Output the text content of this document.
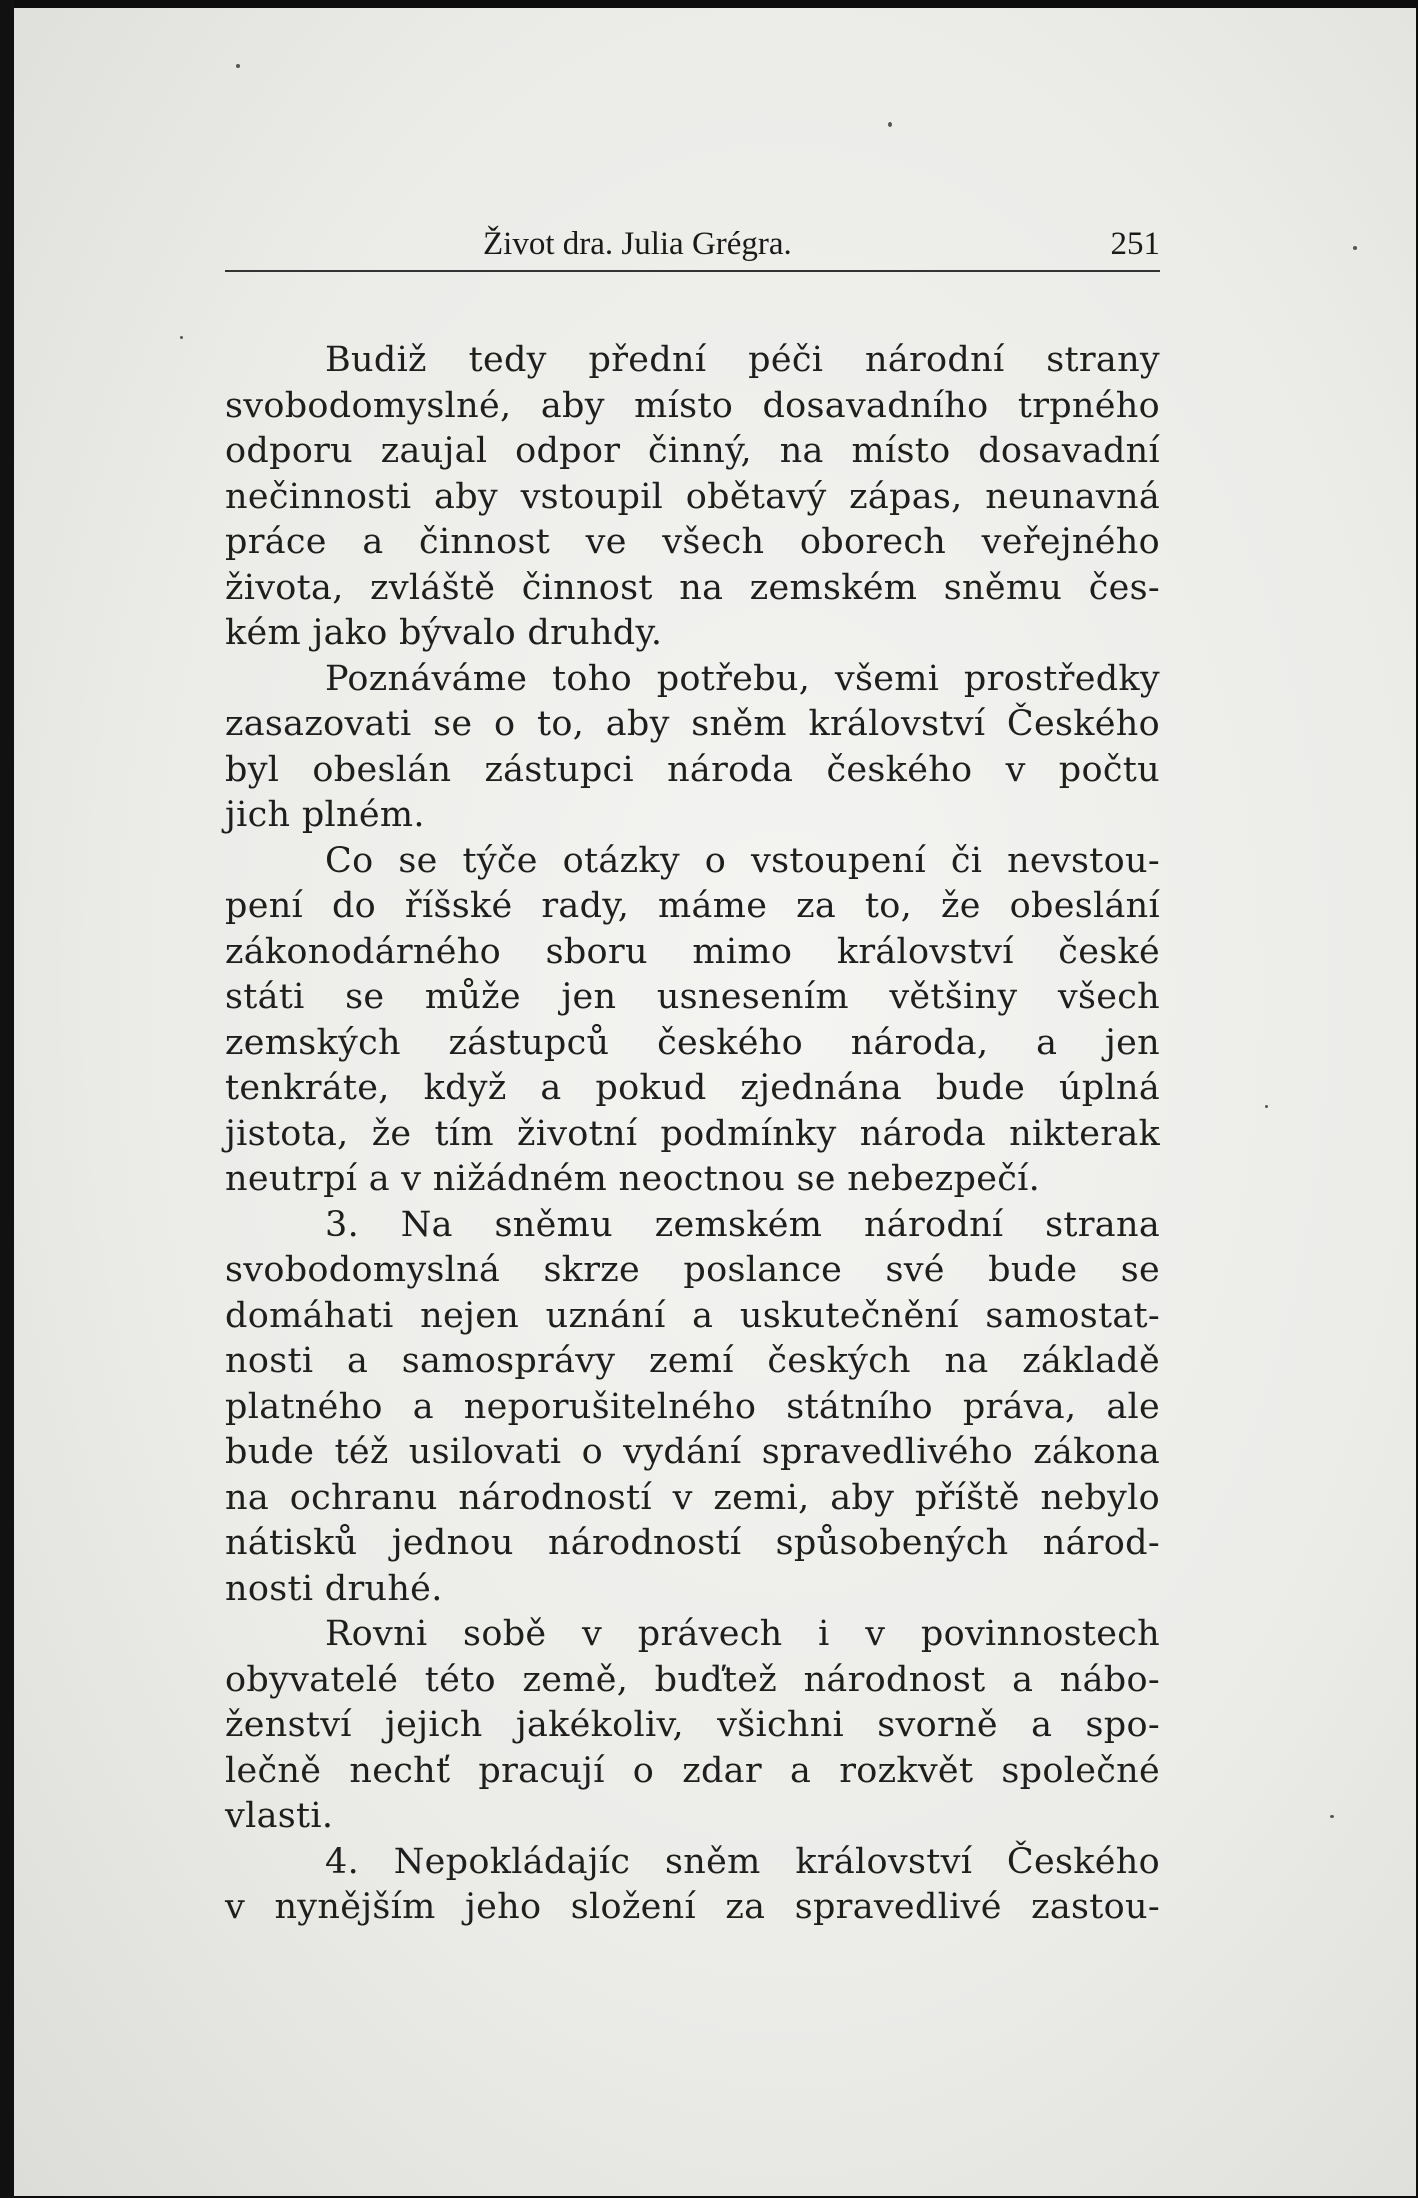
Život dra. Julia Grégra.	251
Budiž tedy přední péči národní strany
svobodomyslné, aby místo dosavadního trpného
odporu zaujal odpor činný, na místo dosavadní
nečinnosti aby vstoupil obětavý zápas, neunavná
práce a činnost ve všech oborech veřejného
života, zvláště činnost na zemském sněmu čes-
kém jako bývalo druhdy.
Poznáváme toho potřebu, všemi prostředky
zasazovati se o to, aby sněm království Českého
byl obeslán zástupci národa českého v počtu
jich plném.
Co se týče otázky o vstoupení či nevstou-
pení do říšské rady, máme za to, že obeslání
zákonodárného sboru mimo království české
státi se může jen usnesením většiny všech
zemských zástupců českého národa, a jen
tenkráte, když a pokud zjednána bude úplná
jistota, že tím životní podmínky národa nikterak
neutrpí a v nižádném neoctnou se nebezpečí.
3. Na sněmu zemském národní strana
svobodomyslná skrze poslance své bude se
domáhati nejen uznání a uskutečnění samostat-
nosti a samosprávy zemí českých na základě
platného a neporušitelného státního práva, ale
bude též usilovati o vydání spravedlivého zákona
na ochranu národností v zemi, aby příště nebylo
nátisků jednou národností spůsobených národ-
nosti druhé.
Rovni sobě v právech i v povinnostech
obyvatelé této země, buďtež národnost a nábo-
ženství jejich jakékoliv, všichni svorně a spo-
lečně nechť pracují o zdar a rozkvět společné
vlasti.
4. Nepokládajíc sněm království Českého
v nynějším jeho složení za spravedlivé zastou-
